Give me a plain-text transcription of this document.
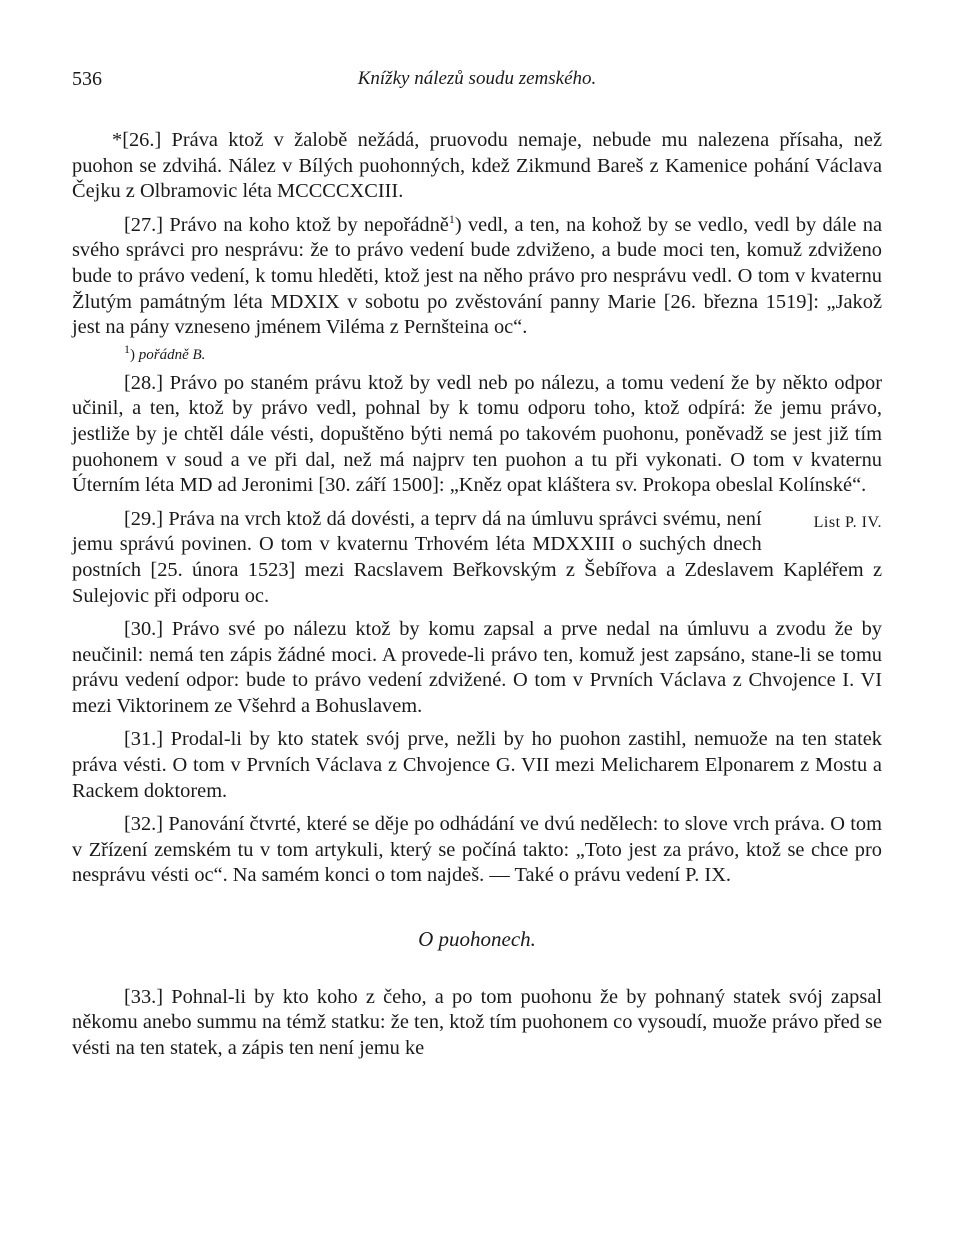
536	Knížky nálezů soudu zemského.

*[26.] Práva ktož v žalobě nežádá, pruovodu nemaje, nebude mu nalezena přísaha, než puohon se zdvihá. Nález v Bílých puohonných, kdež Zikmund Bareš z Kamenice pohání Václava Čejku z Olbramovic léta MCCCCXCIII.

[27.] Právo na koho ktož by nepořádně$^1$) vedl, a ten, na kohož by se vedlo, vedl by dále na svého správci pro nesprávu: že to právo vedení bude zdviženo, a bude moci ten, komuž zdviženo bude to právo vedení, k tomu hleděti, ktož jest na něho právo pro nesprávu vedl. O tom v kvaternu Žlutým památným léta MDXIX v sobotu po zvěstování panny Marie [26. března 1519]: „Jakož jest na pány vzneseno jménem Viléma z Pernšteina oc“.

$^1$) pořádně B.

[28.] Právo po staném právu ktož by vedl neb po nálezu, a tomu vedení že by někto odpor učinil, a ten, ktož by právo vedl, pohnal by k tomu odporu toho, ktož odpírá: že jemu právo, jestliže by je chtěl dále vésti, dopuštěno býti nemá po takovém puohonu, poněvadž se jest již tím puohonem v soud a ve při dal, než má najprv ten puohon a tu při vykonati. O tom v kvaternu Úterním léta MD ad Jeronimi [30. září 1500]: „Kněz opat kláštera sv. Prokopa obeslal Kolínské“.

List P. IV.
[29.] Práva na vrch ktož dá dovésti, a teprv dá na úmluvu správci svému, není jemu správú povinen. O tom v kvaternu Trhovém léta MDXXIII o suchých dnech postních [25. února 1523] mezi Racslavem Beřkovským z Šebířova a Zdeslavem Kapléřem z Sulejovic při odporu oc.

[30.] Právo své po nálezu ktož by komu zapsal a prve nedal na úmluvu a zvodu že by neučinil: nemá ten zápis žádné moci. A provede-li právo ten, komuž jest zapsáno, stane-li se tomu právu vedení odpor: bude to právo vedení zdvižené. O tom v Prvních Václava z Chvojence I. VI mezi Viktorinem ze Všehrd a Bohuslavem.

[31.] Prodal-li by kto statek svój prve, nežli by ho puohon zastihl, nemuože na ten statek práva vésti. O tom v Prvních Václava z Chvojence G. VII mezi Melicharem Elponarem z Mostu a Rackem doktorem.

[32.] Panování čtvrté, které se děje po odhádání ve dvú nedělech: to slove vrch práva. O tom v Zřízení zemském tu v tom artykuli, který se počíná takto: „Toto jest za právo, ktož se chce pro nesprávu vésti oc“. Na samém konci o tom najdeš. — Také o právu vedení P. IX.

O puohonech.

[33.] Pohnal-li by kto koho z čeho, a po tom puohonu že by pohnaný statek svój zapsal někomu anebo summu na témž statku: že ten, ktož tím puohonem co vysoudí, muože právo před se vésti na ten statek, a zápis ten není jemu ke
